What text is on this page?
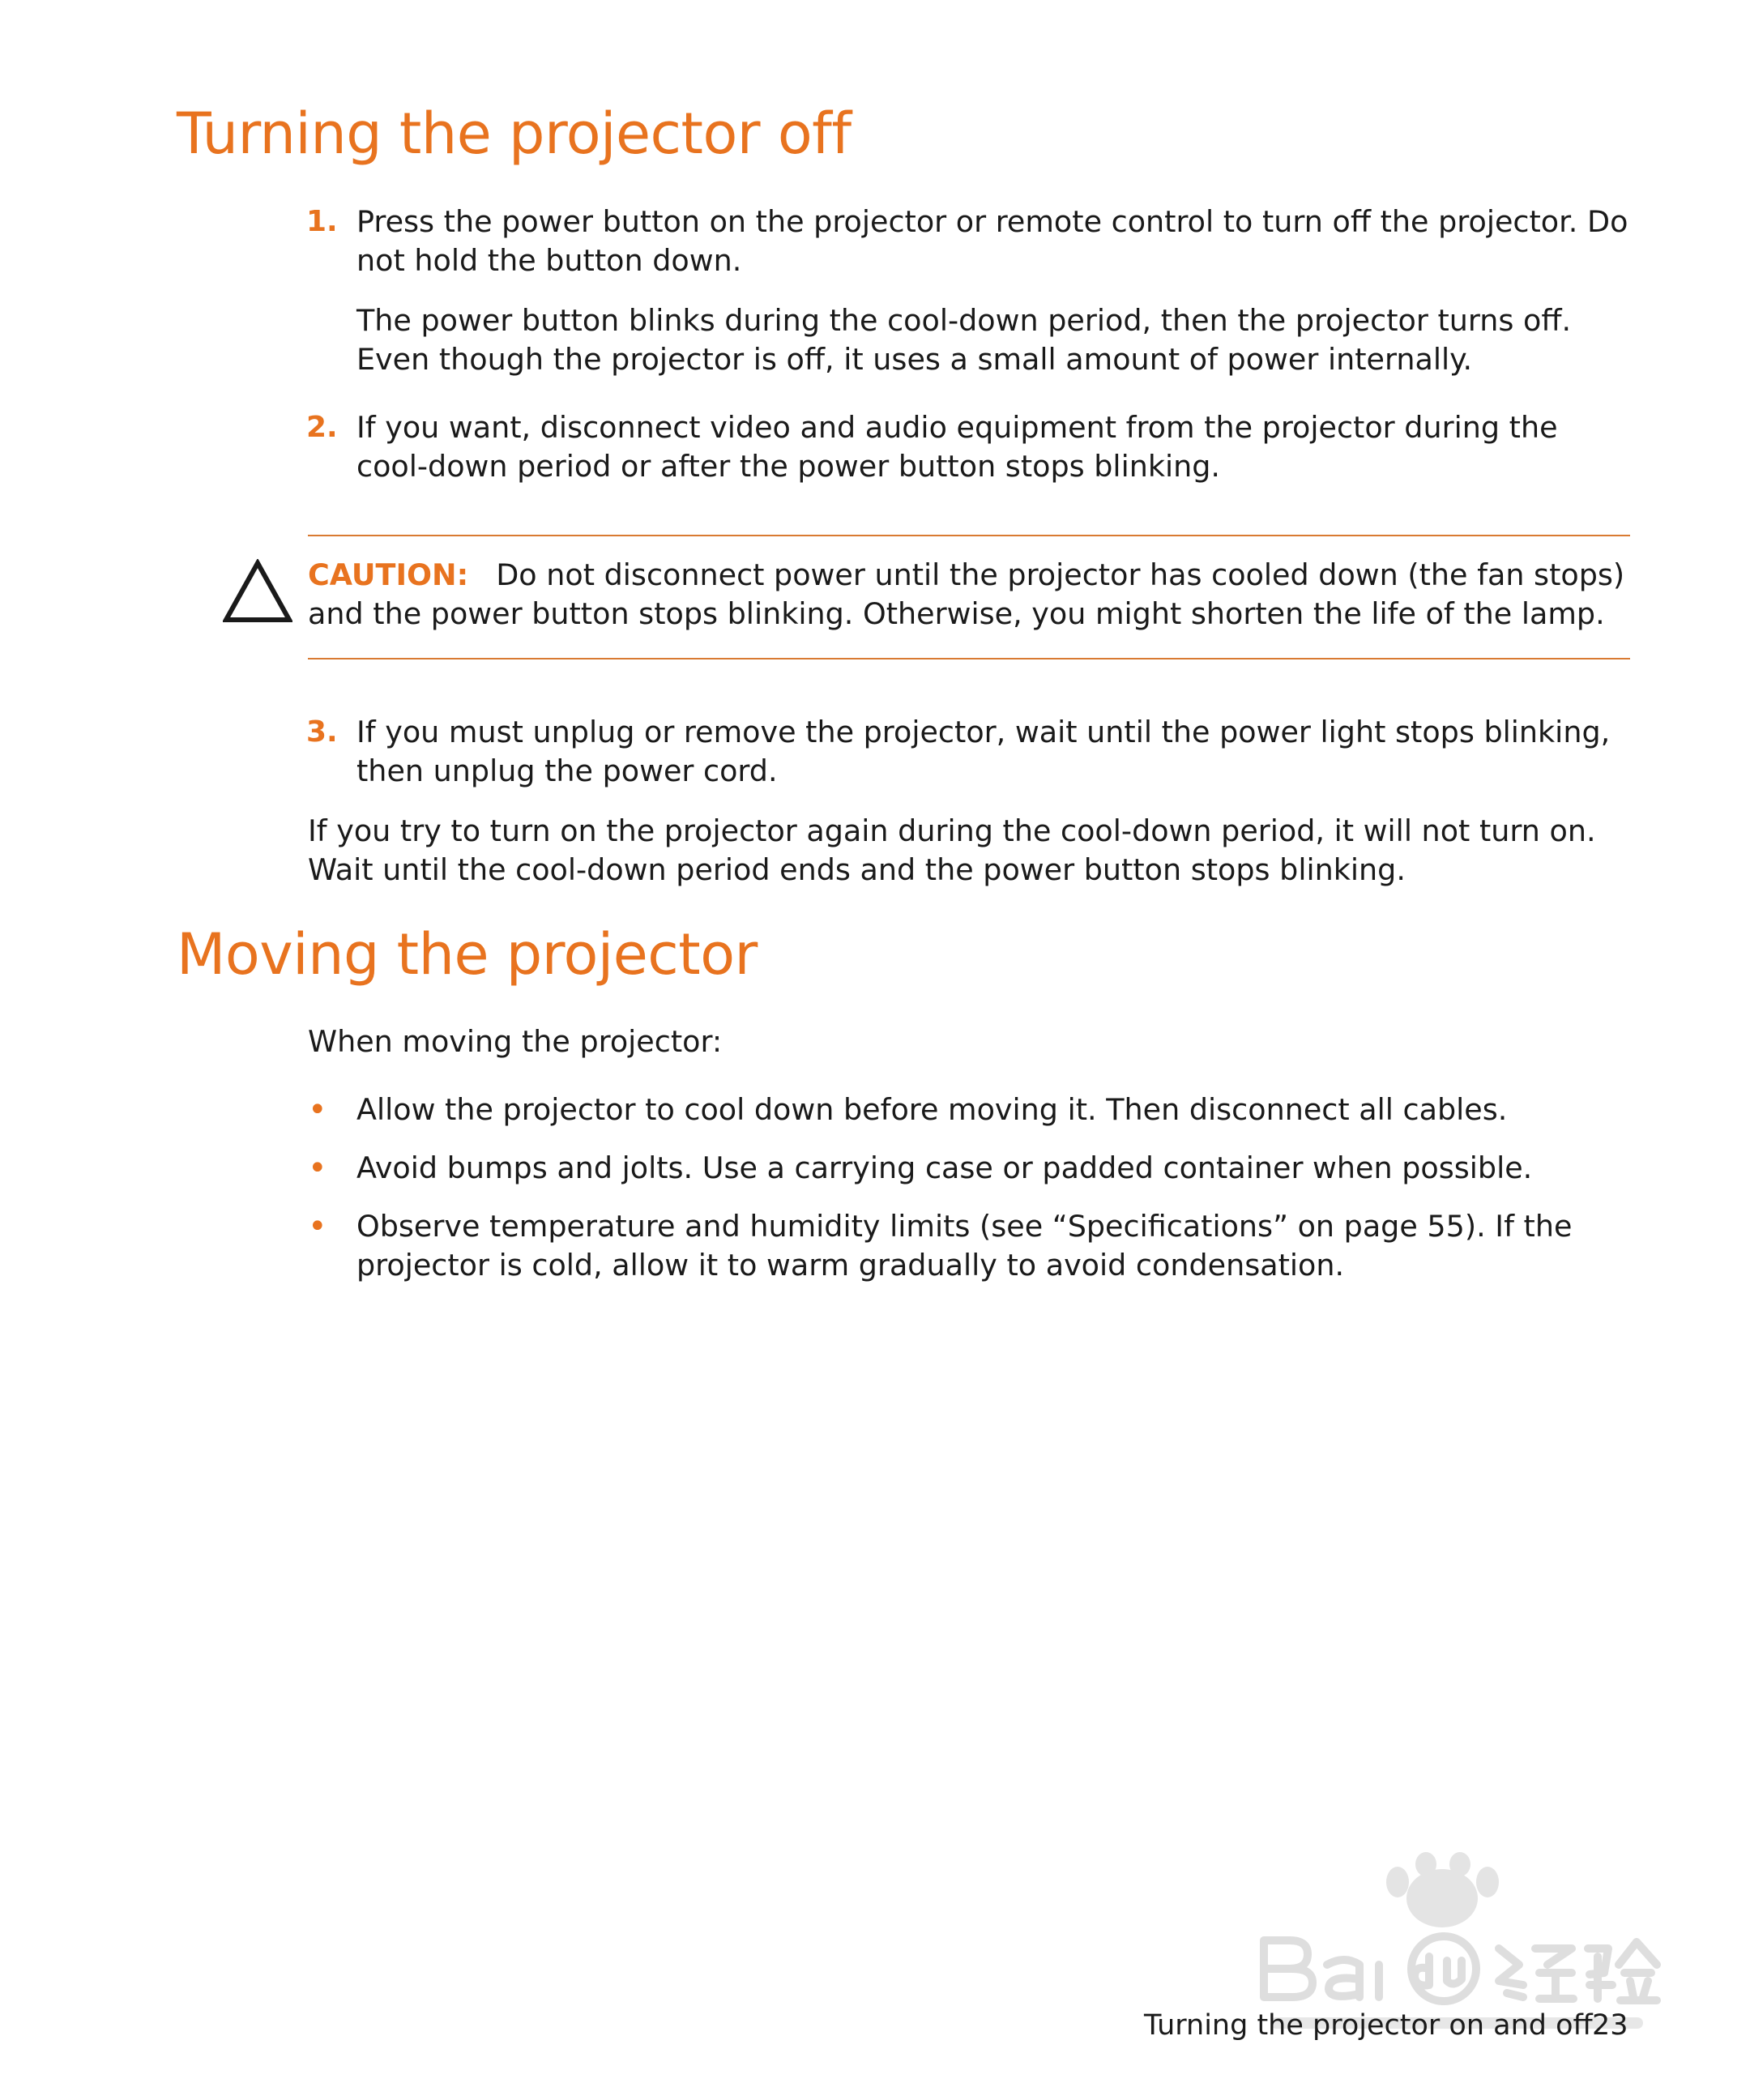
Turning the projector off
1. Press the power button on the projector or remote control to turn off the projector. Do not hold the button down.
The power button blinks during the cool-down period, then the projector turns off. Even though the projector is off, it uses a small amount of power internally.
2. If you want, disconnect video and audio equipment from the projector during the cool-down period or after the power button stops blinking.
CAUTION: Do not disconnect power until the projector has cooled down (the fan stops) and the power button stops blinking. Otherwise, you might shorten the life of the lamp.
3. If you must unplug or remove the projector, wait until the power light stops blinking, then unplug the power cord.
If you try to turn on the projector again during the cool-down period, it will not turn on. Wait until the cool-down period ends and the power button stops blinking.
Moving the projector
When moving the projector:
• Allow the projector to cool down before moving it. Then disconnect all cables.
• Avoid bumps and jolts. Use a carrying case or padded container when possible.
• Observe temperature and humidity limits (see “Specifications” on page 55). If the projector is cold, allow it to warm gradually to avoid condensation.
Turning the projector on and off 23
